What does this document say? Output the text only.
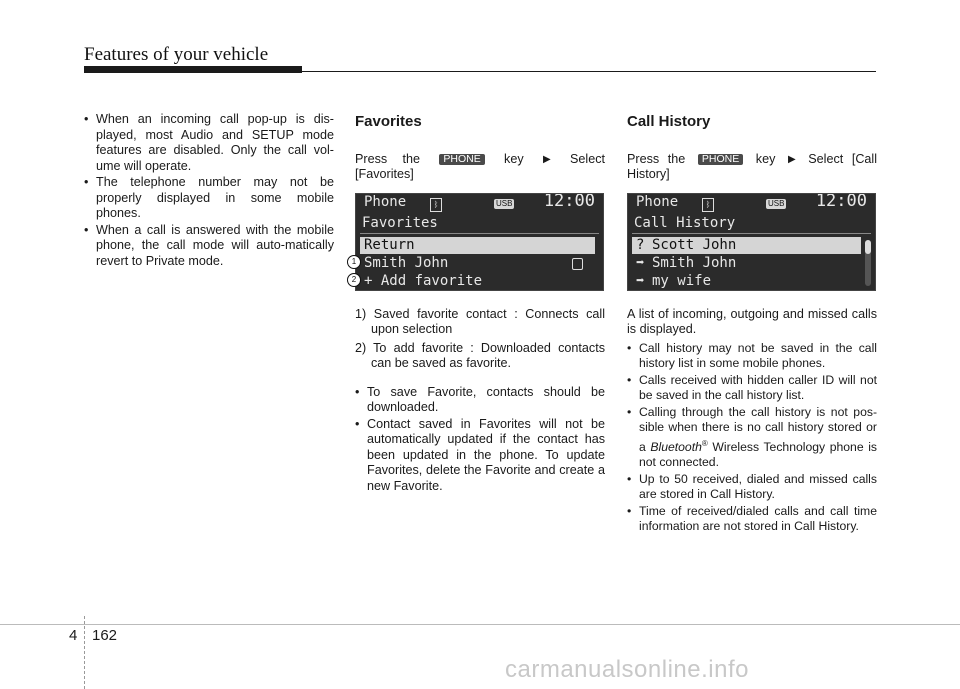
Features of your vehicle
• When an incoming call pop-up is dis-played, most Audio and SETUP mode features are disabled. Only the call vol-ume will operate.
• The telephone number may not be properly displayed in some mobile phones.
• When a call is answered with the mobile phone, the call mode will auto-matically revert to Private mode.
Favorites
Press the PHONE key ▶ Select [Favorites]
Phone	ᛒ	USB 12:00
Favorites
Return
Smith John
+ Add favorite
1
2
1) Saved favorite contact : Connects call upon selection
2) To add favorite : Downloaded contacts can be saved as favorite.
• To save Favorite, contacts should be downloaded.
• Contact saved in Favorites will not be automatically updated if the contact has been updated in the phone. To update Favorites, delete the Favorite and create a new Favorite.
Call History
Press the PHONE key ▶ Select [Call History]
Phone	ᛒ	USB 12:00
Call History
? Scott John
➡ Smith John
➡ my wife
A list of incoming, outgoing and missed calls is displayed.
• Call history may not be saved in the call history list in some mobile phones.
• Calls received with hidden caller ID will not be saved in the call history list.
• Calling through the call history is not pos-sible when there is no call history stored or a Bluetooth® Wireless Technology phone is not connected.
• Up to 50 received, dialed and missed calls are stored in Call History.
• Time of received/dialed calls and call time information are not stored in Call History.
4 162
carmanualsonline.info
